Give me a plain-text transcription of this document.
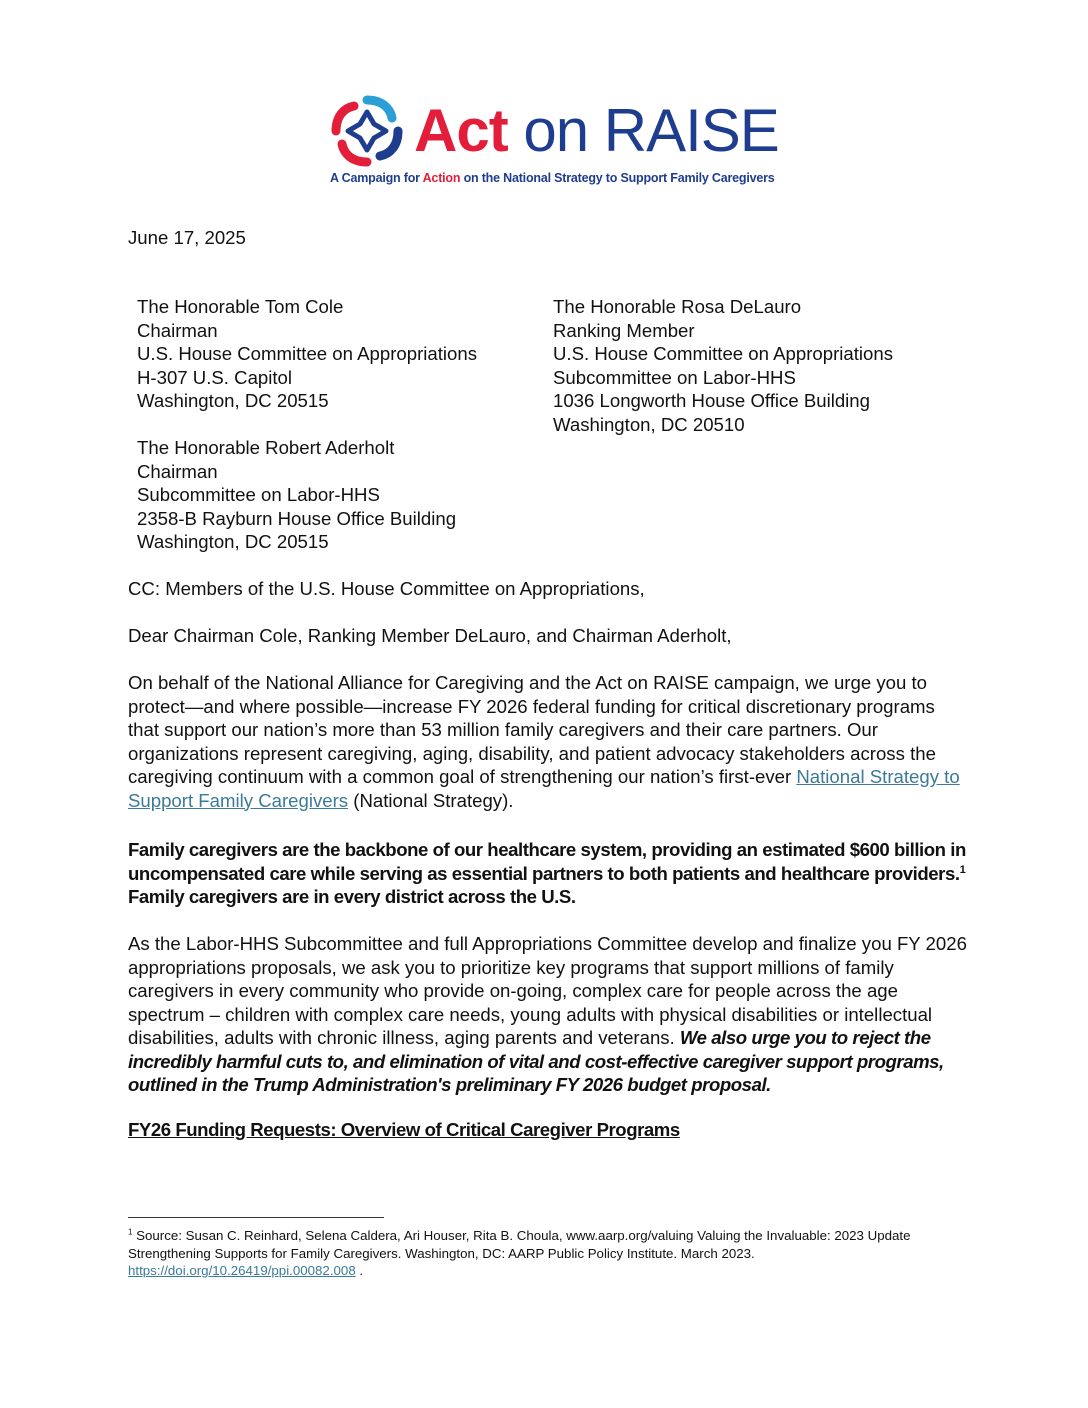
Act on RAISE
A Campaign for Action on the National Strategy to Support Family Caregivers

June 17, 2025

The Honorable Tom Cole
Chairman
U.S. House Committee on Appropriations
H-307 U.S. Capitol
Washington, DC 20515
The Honorable Rosa DeLauro
Ranking Member
U.S. House Committee on Appropriations
Subcommittee on Labor-HHS
1036 Longworth House Office Building
Washington, DC 20510
The Honorable Robert Aderholt
Chairman
Subcommittee on Labor-HHS
2358-B Rayburn House Office Building
Washington, DC 20515

CC: Members of the U.S. House Committee on Appropriations,

Dear Chairman Cole, Ranking Member DeLauro, and Chairman Aderholt,

On behalf of the National Alliance for Caregiving and the Act on RAISE campaign, we urge you to protect—and where possible—increase FY 2026 federal funding for critical discretionary programs that support our nation’s more than 53 million family caregivers and their care partners. Our organizations represent caregiving, aging, disability, and patient advocacy stakeholders across the caregiving continuum with a common goal of strengthening our nation’s first-ever National Strategy to Support Family Caregivers (National Strategy).

Family caregivers are the backbone of our healthcare system, providing an estimated $600 billion in uncompensated care while serving as essential partners to both patients and healthcare providers.$^1$ Family caregivers are in every district across the U.S.

As the Labor-HHS Subcommittee and full Appropriations Committee develop and finalize you FY 2026 appropriations proposals, we ask you to prioritize key programs that support millions of family caregivers in every community who provide on-going, complex care for people across the age spectrum – children with complex care needs, young adults with physical disabilities or intellectual disabilities, adults with chronic illness, aging parents and veterans. We also urge you to reject the incredibly harmful cuts to, and elimination of vital and cost-effective caregiver support programs, outlined in the Trump Administration's preliminary FY 2026 budget proposal.

FY26 Funding Requests: Overview of Critical Caregiver Programs

$^1$ Source: Susan C. Reinhard, Selena Caldera, Ari Houser, Rita B. Choula, www.aarp.org/valuing Valuing the Invaluable: 2023 Update Strengthening Supports for Family Caregivers. Washington, DC: AARP Public Policy Institute. March 2023. https://doi.org/10.26419/ppi.00082.008 .
